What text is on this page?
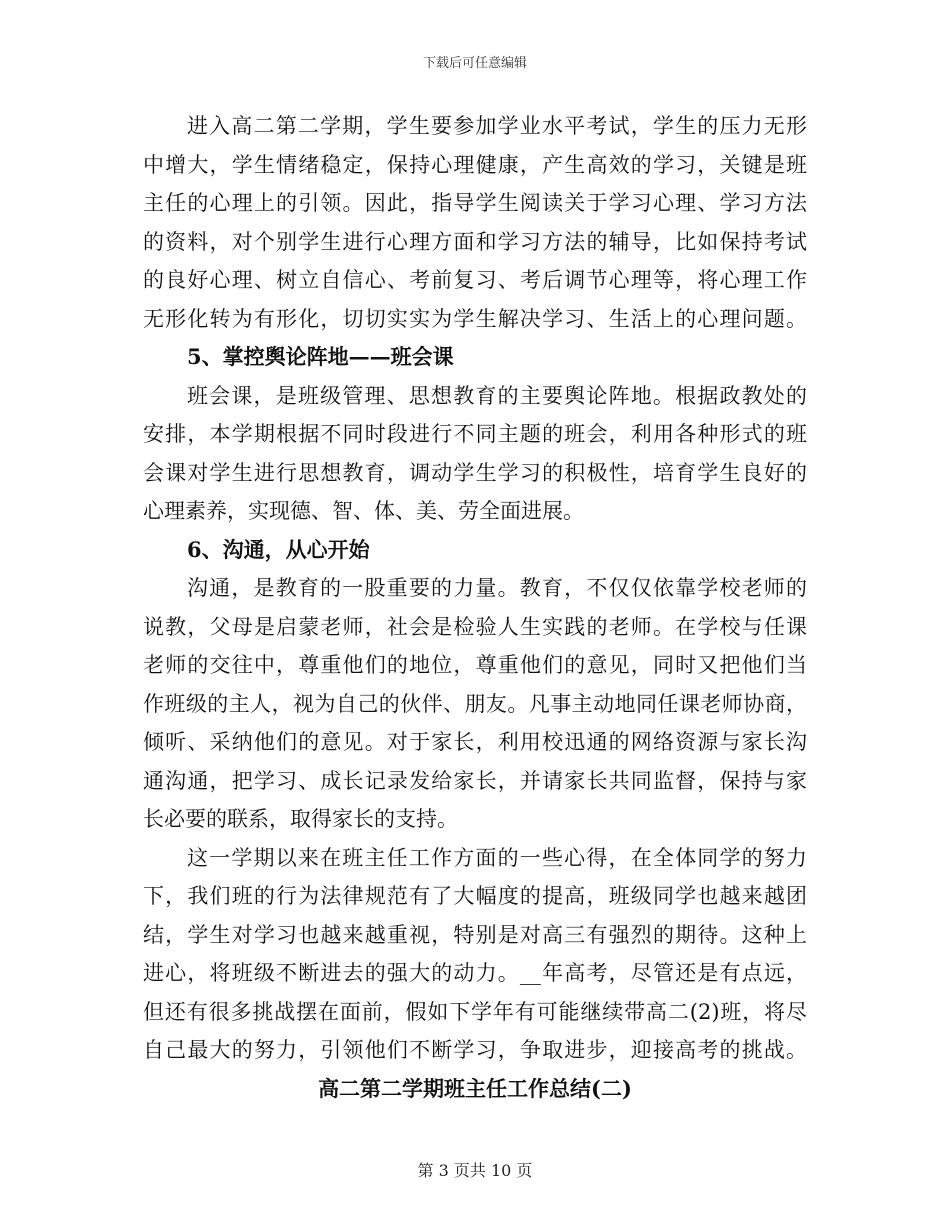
下载后可任意编辑
进入高二第二学期，学生要参加学业水平考试，学生的压力无形
中增大，学生情绪稳定，保持心理健康，产生高效的学习，关键是班
主任的心理上的引领。因此，指导学生阅读关于学习心理、学习方法
的资料，对个别学生进行心理方面和学习方法的辅导，比如保持考试
的良好心理、树立自信心、考前复习、考后调节心理等，将心理工作
无形化转为有形化，切切实实为学生解决学习、生活上的心理问题。
5、掌控舆论阵地——班会课
班会课，是班级管理、思想教育的主要舆论阵地。根据政教处的
安排，本学期根据不同时段进行不同主题的班会，利用各种形式的班
会课对学生进行思想教育，调动学生学习的积极性，培育学生良好的
心理素养，实现德、智、体、美、劳全面进展。
6、沟通，从心开始
沟通，是教育的一股重要的力量。教育，不仅仅依靠学校老师的
说教，父母是启蒙老师，社会是检验人生实践的老师。在学校与任课
老师的交往中，尊重他们的地位，尊重他们的意见，同时又把他们当
作班级的主人，视为自己的伙伴、朋友。凡事主动地同任课老师协商，
倾听、采纳他们的意见。对于家长，利用校迅通的网络资源与家长沟
通沟通，把学习、成长记录发给家长，并请家长共同监督，保持与家
长必要的联系，取得家长的支持。
这一学期以来在班主任工作方面的一些心得，在全体同学的努力
下，我们班的行为法律规范有了大幅度的提高，班级同学也越来越团
结，学生对学习也越来越重视，特别是对高三有强烈的期待。这种上
进心，将班级不断进去的强大的动力。__年高考，尽管还是有点远，
但还有很多挑战摆在面前，假如下学年有可能继续带高二(2)班，将尽
自己最大的努力，引领他们不断学习，争取进步，迎接高考的挑战。
高二第二学期班主任工作总结(二)
第 3 页共 10 页
